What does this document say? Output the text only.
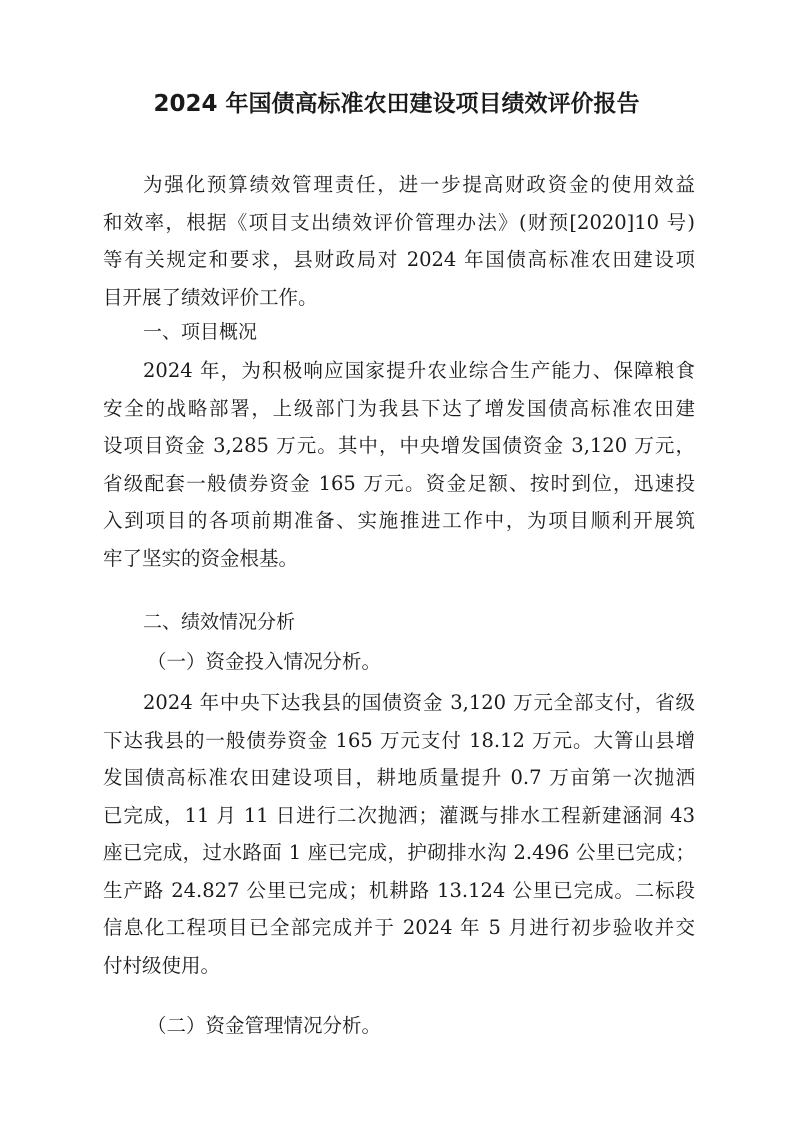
2024 年国债高标准农田建设项目绩效评价报告
为强化预算绩效管理责任，进一步提高财政资金的使用效益
和效率，根据《项目支出绩效评价管理办法》(财预[2020]10 号)
等有关规定和要求，县财政局对 2024 年国债高标准农田建设项
目开展了绩效评价工作。
一、项目概况
2024 年，为积极响应国家提升农业综合生产能力、保障粮食
安全的战略部署，上级部门为我县下达了增发国债高标准农田建
设项目资金 3,285 万元。其中，中央增发国债资金 3,120 万元，
省级配套一般债券资金 165 万元。资金足额、按时到位，迅速投
入到项目的各项前期准备、实施推进工作中，为项目顺利开展筑
牢了坚实的资金根基。
二、绩效情况分析
（一）资金投入情况分析。
2024 年中央下达我县的国债资金 3,120 万元全部支付，省级
下达我县的一般债券资金 165 万元支付 18.12 万元。大箐山县增
发国债高标准农田建设项目，耕地质量提升 0.7 万亩第一次抛洒
已完成，11 月 11 日进行二次抛洒；灌溉与排水工程新建涵洞 43
座已完成，过水路面 1 座已完成，护砌排水沟 2.496 公里已完成；
生产路 24.827 公里已完成；机耕路 13.124 公里已完成。二标段
信息化工程项目已全部完成并于 2024 年 5 月进行初步验收并交
付村级使用。
（二）资金管理情况分析。
